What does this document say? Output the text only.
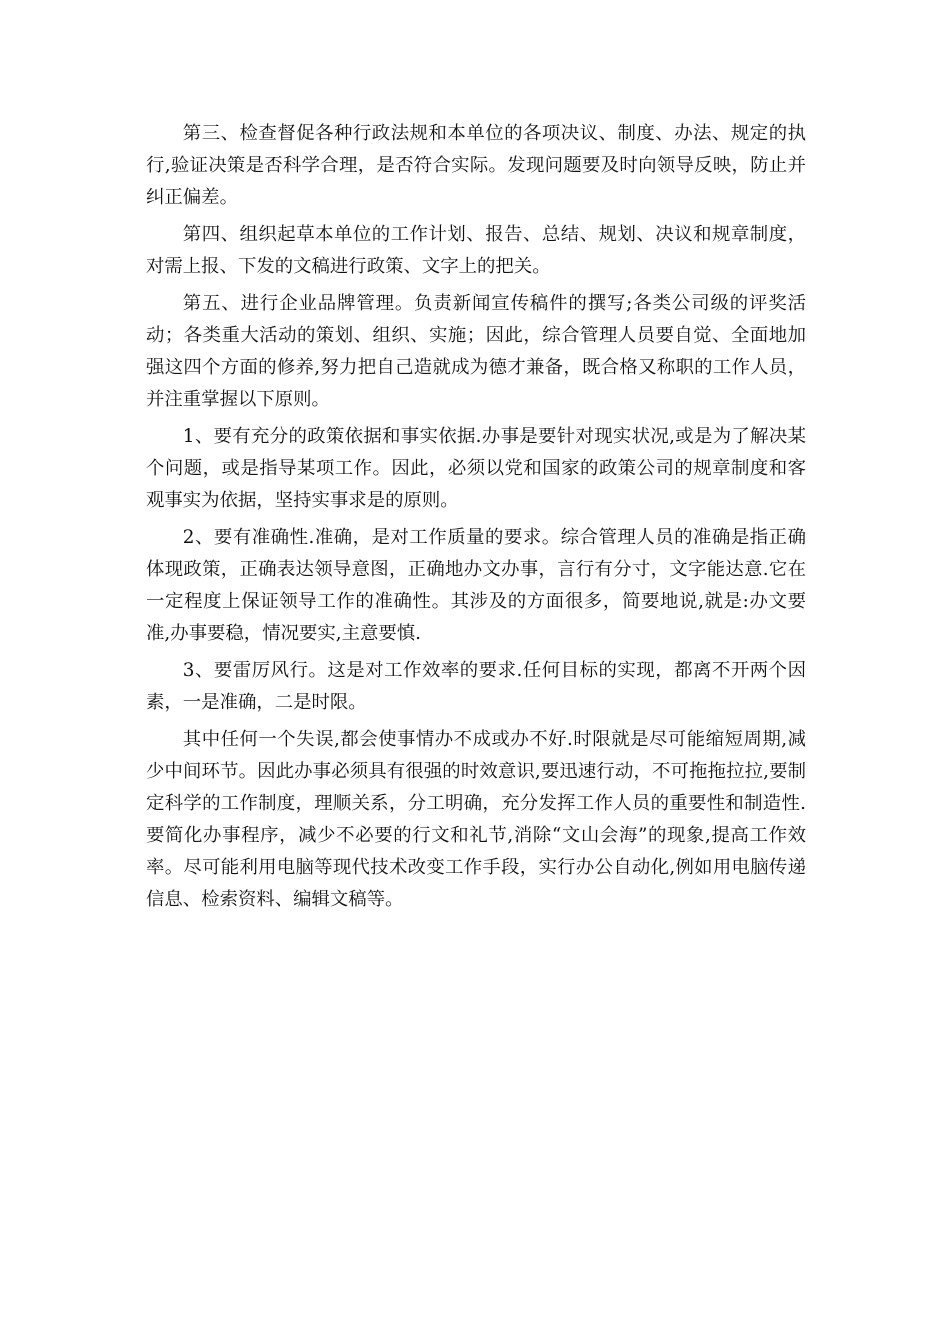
第三、检查督促各种行政法规和本单位的各项决议、制度、办法、规定的执行,验证决策是否科学合理，是否符合实际。发现问题要及时向领导反映，防止并纠正偏差。

第四、组织起草本单位的工作计划、报告、总结、规划、决议和规章制度，对需上报、下发的文稿进行政策、文字上的把关。

第五、进行企业品牌管理。负责新闻宣传稿件的撰写;各类公司级的评奖活动；各类重大活动的策划、组织、实施；因此，综合管理人员要自觉、全面地加强这四个方面的修养,努力把自己造就成为德才兼备，既合格又称职的工作人员，并注重掌握以下原则。

1、要有充分的政策依据和事实依据.办事是要针对现实状况,或是为了解决某个问题，或是指导某项工作。因此，必须以党和国家的政策公司的规章制度和客观事实为依据，坚持实事求是的原则。

2、要有准确性.准确，是对工作质量的要求。综合管理人员的准确是指正确体现政策，正确表达领导意图，正确地办文办事，言行有分寸，文字能达意.它在一定程度上保证领导工作的准确性。其涉及的方面很多，简要地说,就是:办文要准,办事要稳，情况要实,主意要慎.

3、要雷厉风行。这是对工作效率的要求.任何目标的实现，都离不开两个因素，一是准确，二是时限。

其中任何一个失误,都会使事情办不成或办不好.时限就是尽可能缩短周期,减少中间环节。因此办事必须具有很强的时效意识,要迅速行动，不可拖拖拉拉,要制定科学的工作制度，理顺关系，分工明确，充分发挥工作人员的重要性和制造性.要简化办事程序，减少不必要的行文和礼节,消除“文山会海”的现象,提高工作效率。尽可能利用电脑等现代技术改变工作手段，实行办公自动化,例如用电脑传递信息、检索资料、编辑文稿等。
